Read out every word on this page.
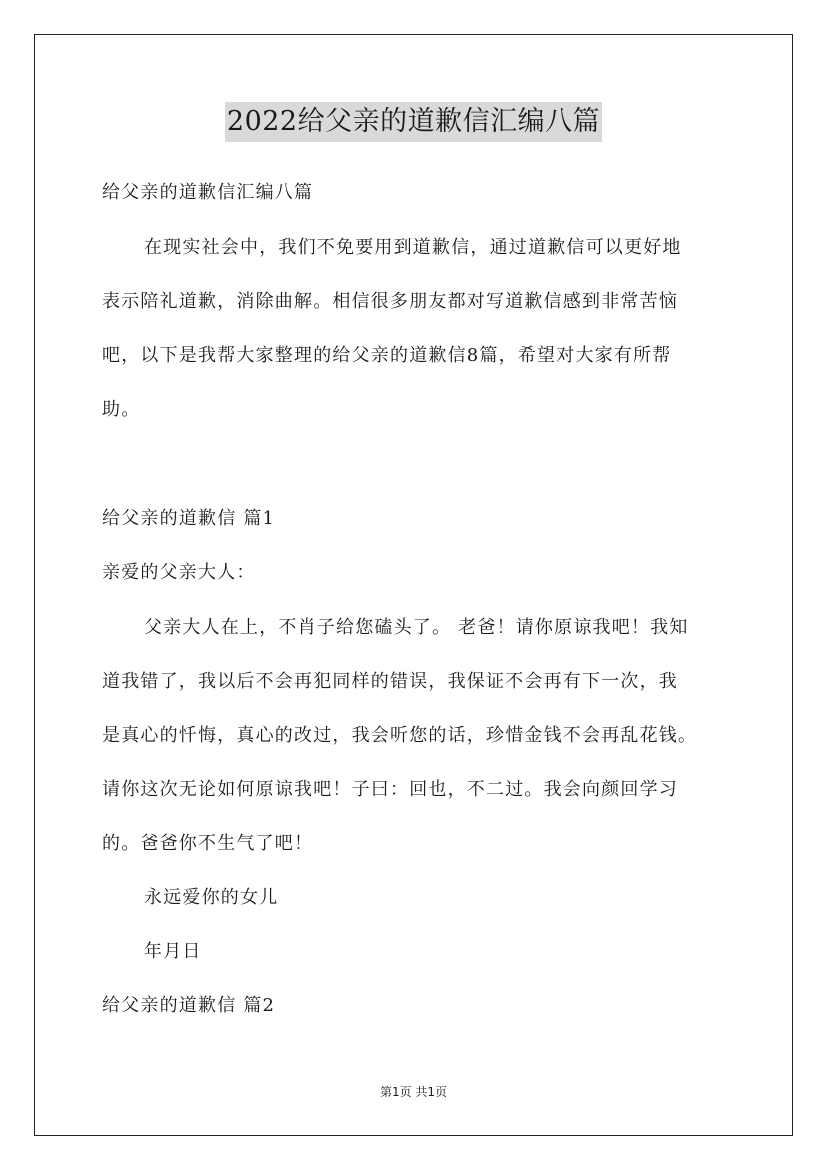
2022给父亲的道歉信汇编八篇
给父亲的道歉信汇编八篇
在现实社会中，我们不免要用到道歉信，通过道歉信可以更好地
表示陪礼道歉，消除曲解。相信很多朋友都对写道歉信感到非常苦恼
吧，以下是我帮大家整理的给父亲的道歉信8篇，希望对大家有所帮
助。
给父亲的道歉信 篇1
亲爱的父亲大人：
父亲大人在上，不肖子给您磕头了。 老爸！请你原谅我吧！我知
道我错了，我以后不会再犯同样的错误，我保证不会再有下一次，我
是真心的忏悔，真心的改过，我会听您的话，珍惜金钱不会再乱花钱。
请你这次无论如何原谅我吧！子曰：回也，不二过。我会向颜回学习
的。爸爸你不生气了吧！
永远爱你的女儿
年月日
给父亲的道歉信 篇2
第1页 共1页
